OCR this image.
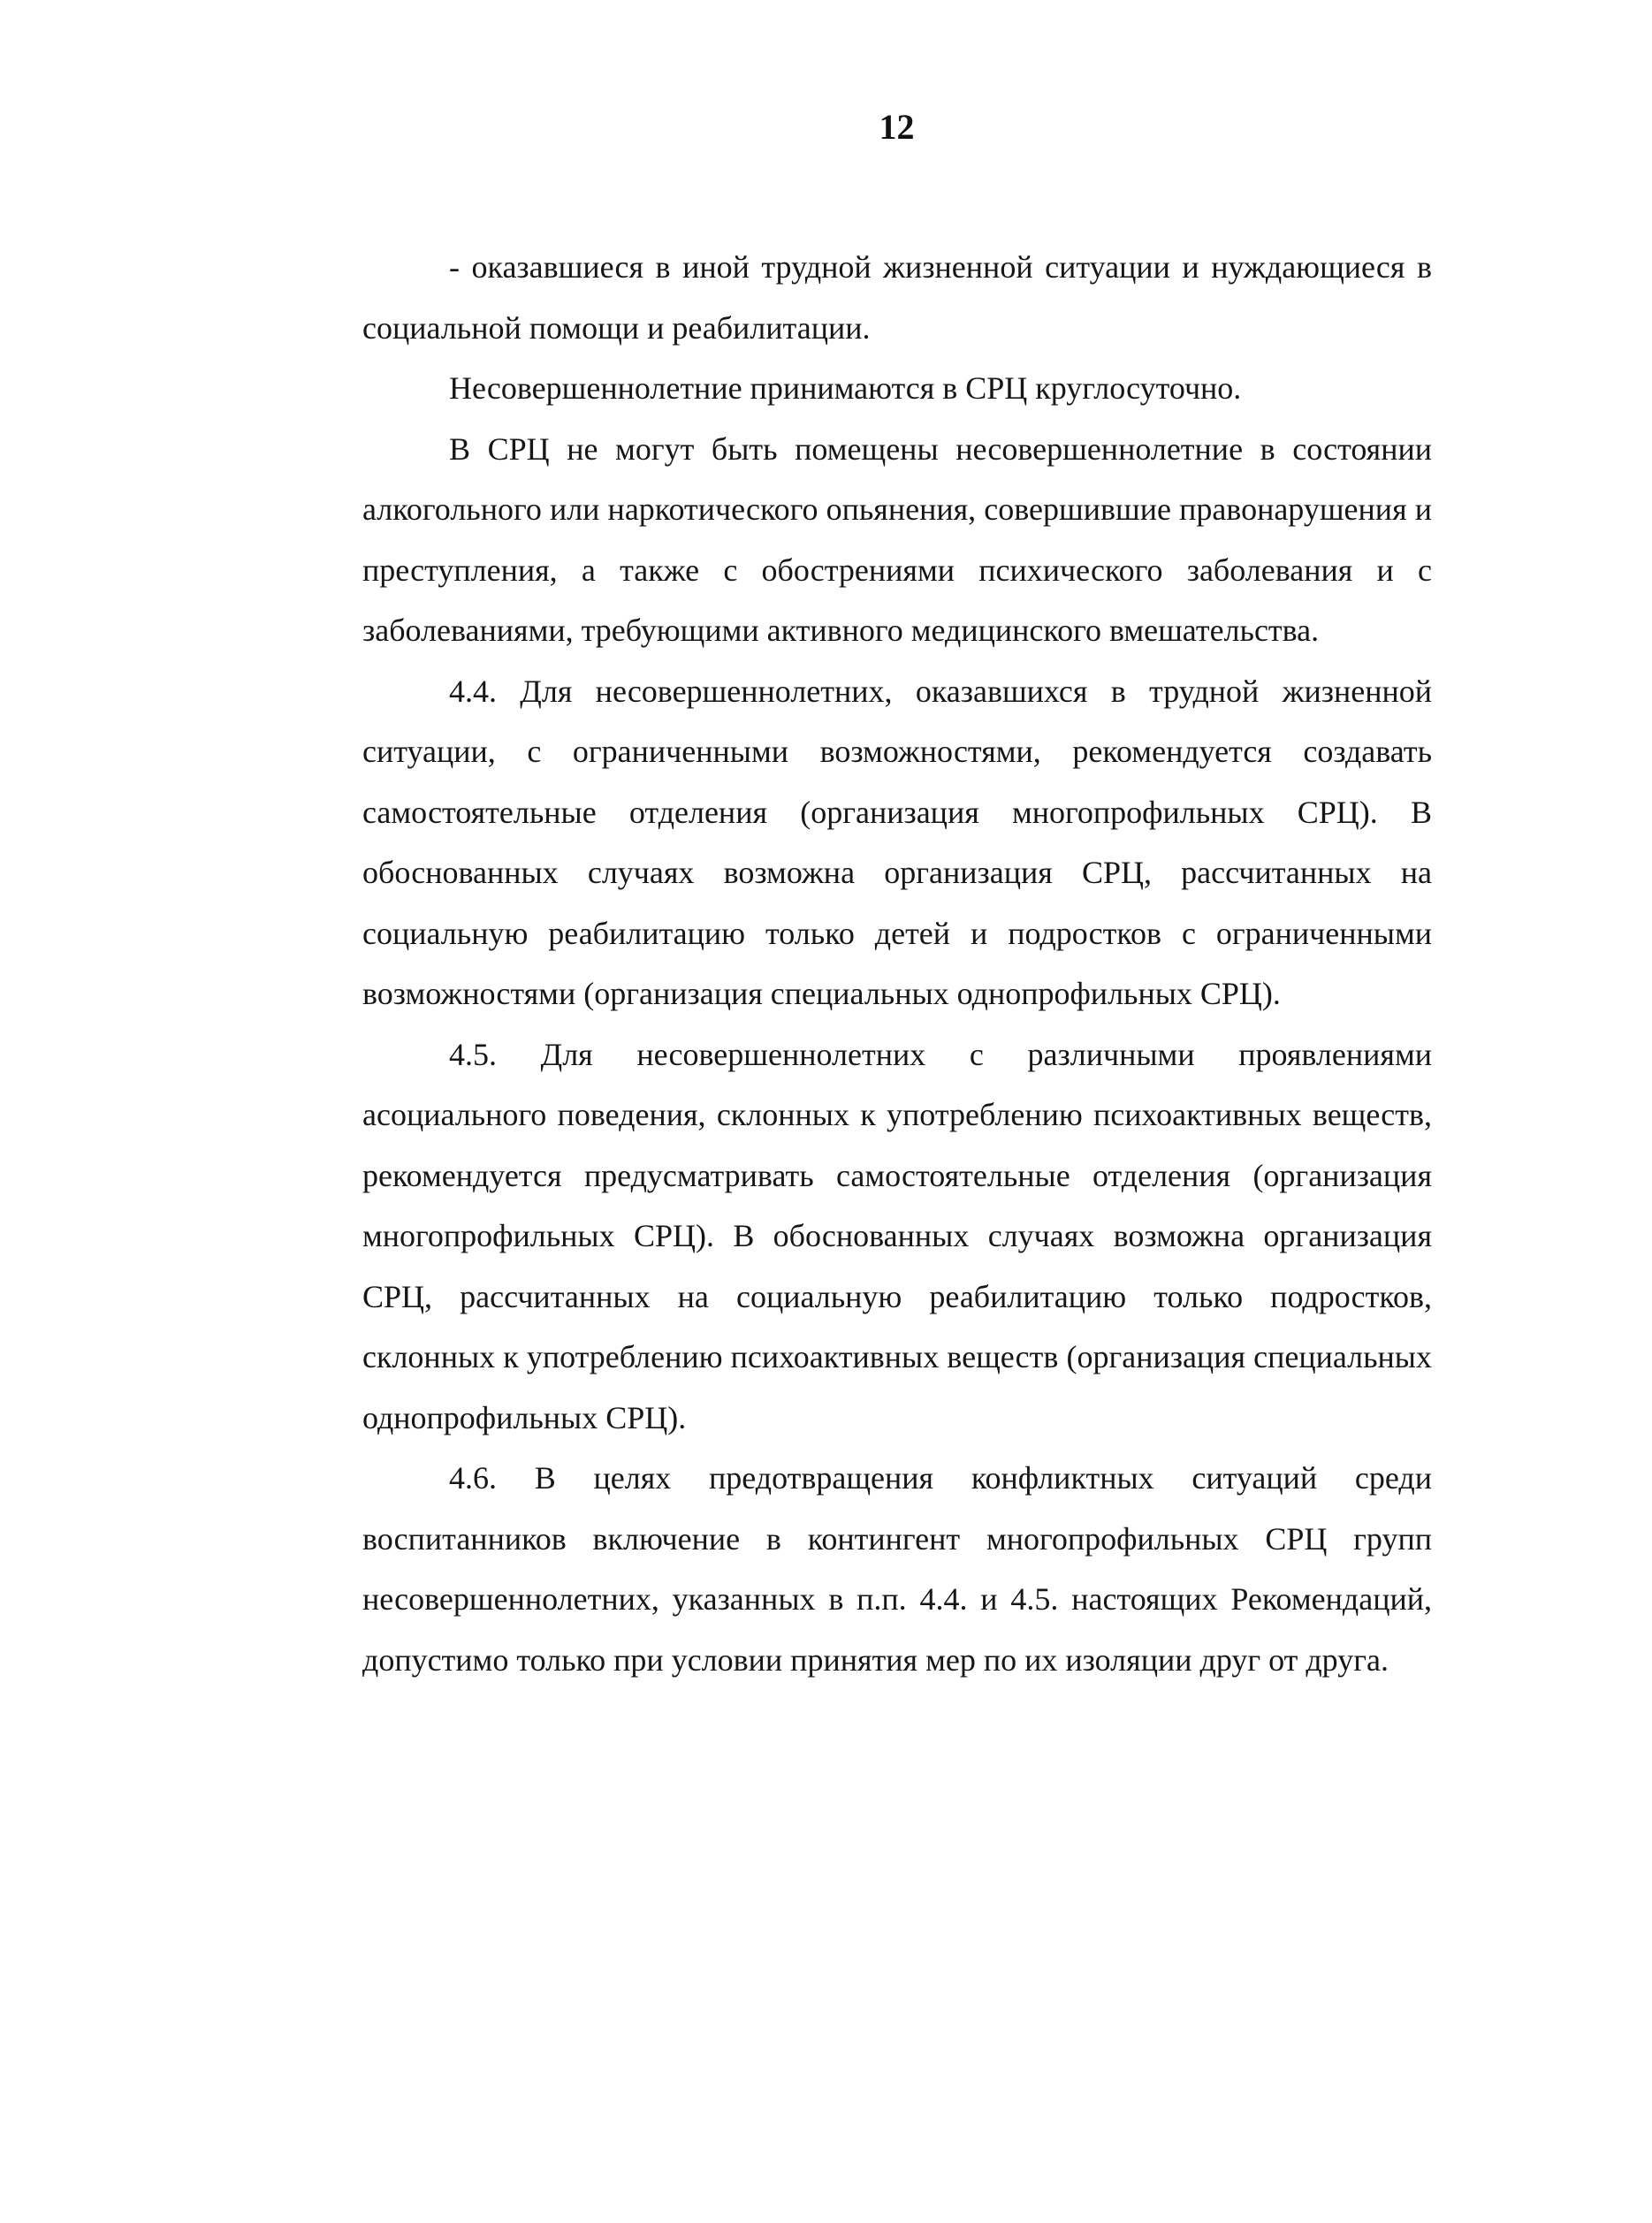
12

- оказавшиеся в иной трудной жизненной ситуации и нуждающиеся в социальной помощи и реабилитации.

Несовершеннолетние принимаются в СРЦ круглосуточно.

В СРЦ не могут быть помещены несовершеннолетние в состоянии алкогольного или наркотического опьянения, совершившие правонарушения и преступления, а также с обострениями психического заболевания и с заболеваниями, требующими активного медицинского вмешательства.

4.4. Для несовершеннолетних, оказавшихся в трудной жизненной ситуации, с ограниченными возможностями, рекомендуется создавать самостоятельные отделения (организация многопрофильных СРЦ). В обоснованных случаях возможна организация СРЦ, рассчитанных на социальную реабилитацию только детей и подростков с ограниченными возможностями (организация специальных однопрофильных СРЦ).

4.5. Для несовершеннолетних с различными проявлениями асоциального поведения, склонных к употреблению психоактивных веществ, рекомендуется предусматривать самостоятельные отделения (организация многопрофильных СРЦ). В обоснованных случаях возможна организация СРЦ, рассчитанных на социальную реабилитацию только подростков, склонных к употреблению психоактивных веществ (организация специальных однопрофильных СРЦ).

4.6. В целях предотвращения конфликтных ситуаций среди воспитанников включение в контингент многопрофильных СРЦ групп несовершеннолетних, указанных в п.п. 4.4. и 4.5. настоящих Рекомендаций, допустимо только при условии принятия мер по их изоляции друг от друга.
